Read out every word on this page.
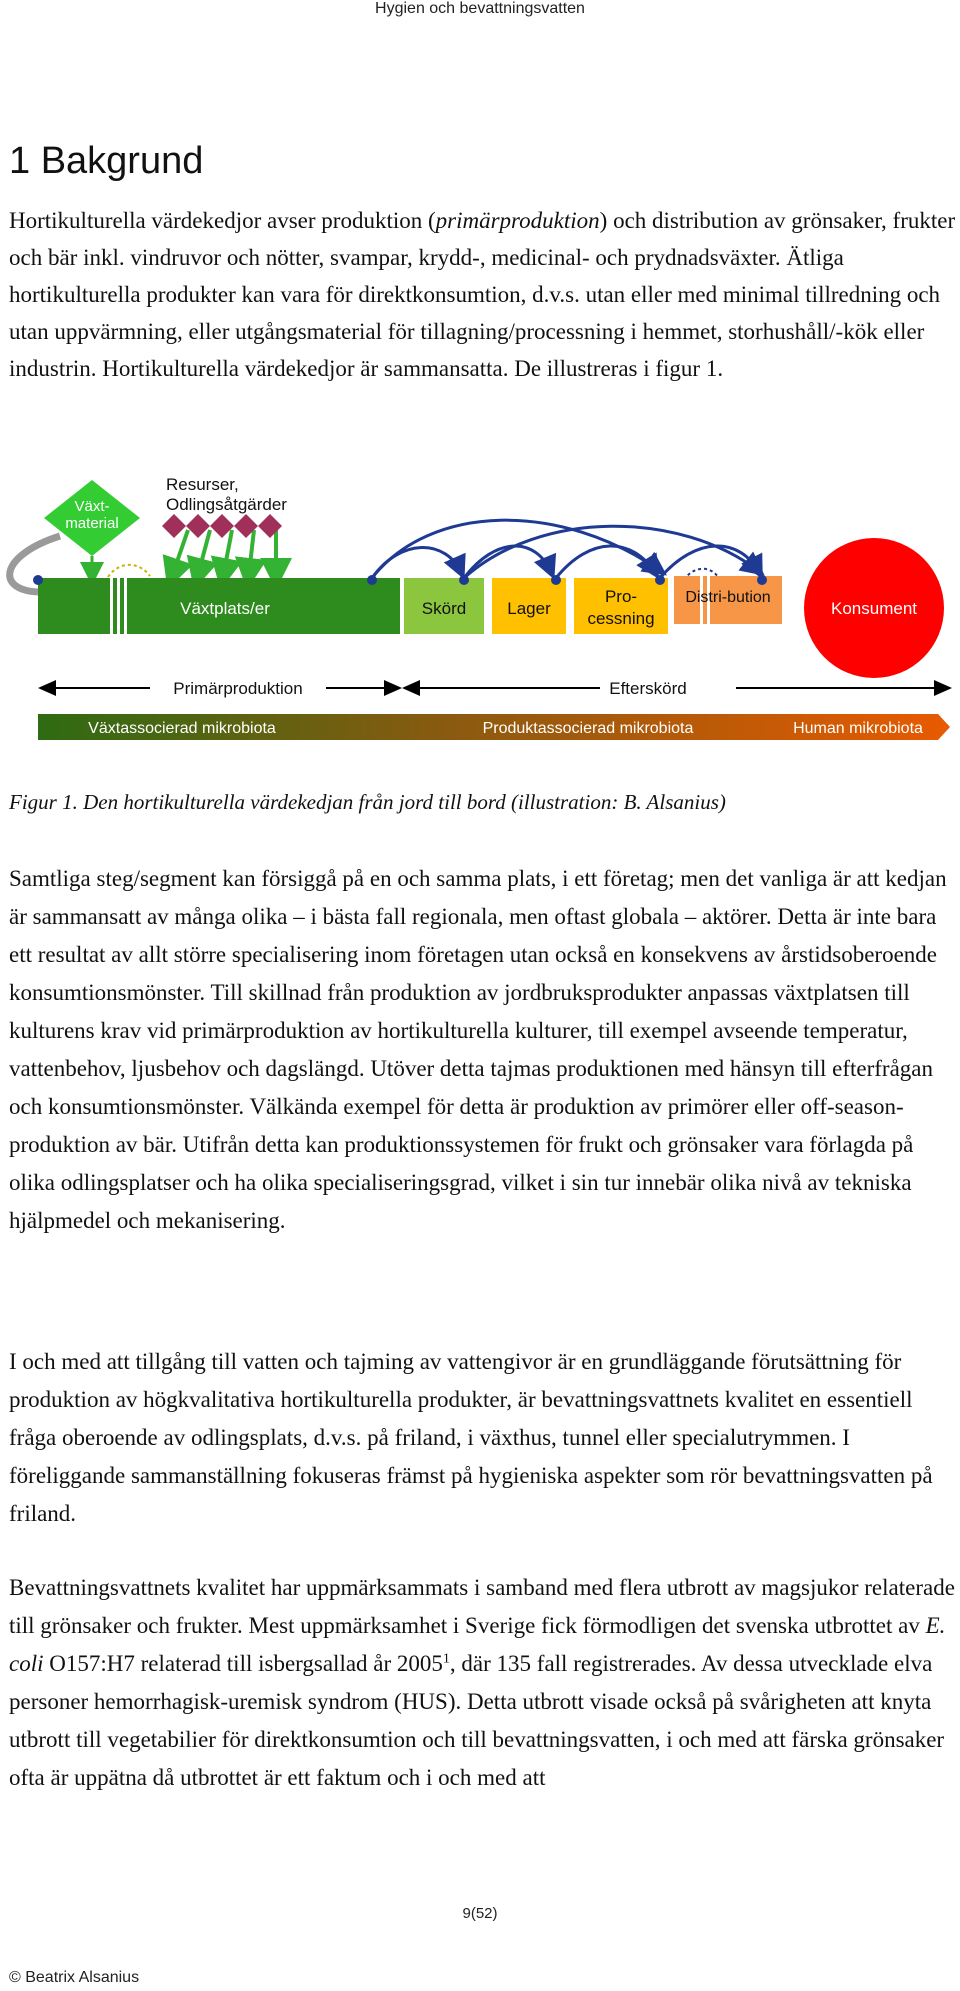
Hygien och bevattningsvatten
1 Bakgrund

Hortikulturella värdekedjor avser produktion (primärproduktion) och distribution av grönsaker, frukter och bär inkl. vindruvor och nötter, svampar, krydd-, medicinal- och prydnadsväxter. Ätliga hortikulturella produkter kan vara för direktkonsumtion, d.v.s. utan eller med minimal tillredning och utan uppvärmning, eller utgångsmaterial för tillagning/processning i hemmet, storhushåll/-kök eller industrin. Hortikulturella värdekedjor är sammansatta. De illustreras i figur 1.

Växt-
material
Resurser,
Odlingsåtgärder
Växtplats/er	Skörd Lager
Pro-
cessning
Distri-bution
Konsument
Primärproduktion	Efterskörd
Växtassocierad mikrobiota	Produktassocierad mikrobiota	Human mikrobiota

Figur 1. Den hortikulturella värdekedjan från jord till bord (illustration: B. Alsanius)

Samtliga steg/segment kan försiggå på en och samma plats, i ett företag; men det vanliga är att kedjan är sammansatt av många olika – i bästa fall regionala, men oftast globala – aktörer. Detta är inte bara ett resultat av allt större specialisering inom företagen utan också en konsekvens av årstidsoberoende konsumtionsmönster. Till skillnad från produktion av jordbruksprodukter anpassas växtplatsen till kulturens krav vid primärproduktion av hortikulturella kulturer, till exempel avseende temperatur, vattenbehov, ljusbehov och dagslängd. Utöver detta tajmas produktionen med hänsyn till efterfrågan och konsumtionsmönster. Välkända exempel för detta är produktion av primörer eller off-season-produktion av bär. Utifrån detta kan produktionssystemen för frukt och grönsaker vara förlagda på olika odlingsplatser och ha olika specialiseringsgrad, vilket i sin tur innebär olika nivå av tekniska hjälpmedel och mekanisering.

I och med att tillgång till vatten och tajming av vattengivor är en grundläggande förutsättning för produktion av högkvalitativa hortikulturella produkter, är bevattningsvattnets kvalitet en essentiell fråga oberoende av odlingsplats, d.v.s. på friland, i växthus, tunnel eller specialutrymmen. I föreliggande sammanställning fokuseras främst på hygieniska aspekter som rör bevattningsvatten på friland.

Bevattningsvattnets kvalitet har uppmärksammats i samband med flera utbrott av magsjukor relaterade till grönsaker och frukter. Mest uppmärksamhet i Sverige fick förmodligen det svenska utbrottet av E. coli O157:H7 relaterad till isbergsallad år 2005$^1$, där 135 fall registrerades. Av dessa utvecklade elva personer hemorrhagisk-uremisk syndrom (HUS). Detta utbrott visade också på svårigheten att knyta utbrott till vegetabilier för direktkonsumtion och till bevattningsvatten, i och med att färska grönsaker ofta är uppätna då utbrottet är ett faktum och i och med att

9(52)
© Beatrix Alsanius
